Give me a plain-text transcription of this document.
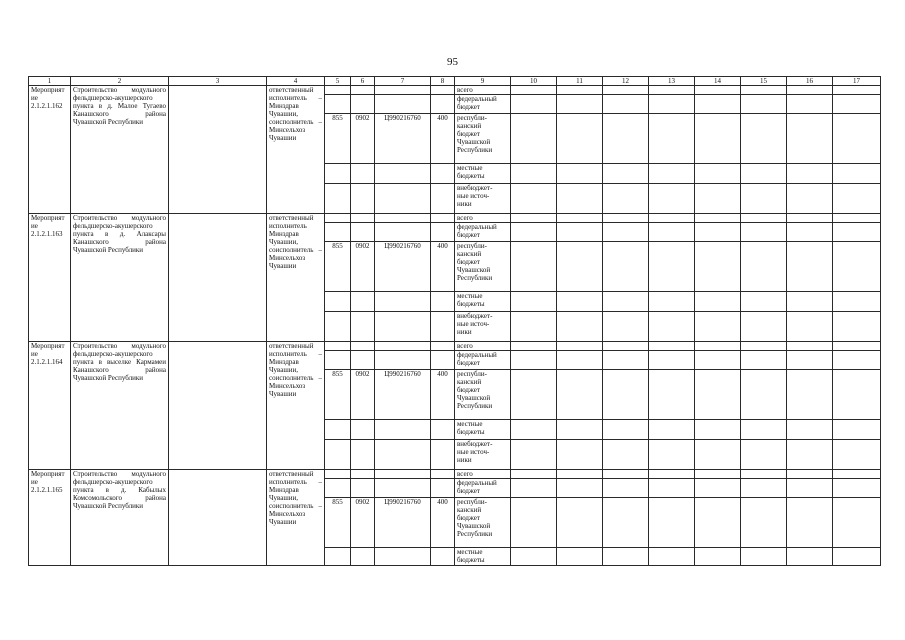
95
1	2	3	4	5	6	7	8	9	10	11	12	13	14	15	16	17
Мероприятие
2.1.2.1.162	Строительство модульного фельдшерско-акушерского пункта в д. Малое Тугаево Канашского района Чувашской Республики		ответственный исполнитель – Минздрав Чувашии, соисполнитель – Минсельхоз Чувашии					всего								
								федеральный
бюджет								
				855	0902	Ц990216760	400	республи-
канский
бюджет
Чувашской
Республики								
								местные
бюджеты								
								внебюджет-
ные источ-
ники								
Мероприятие
2.1.2.1.163	Строительство модульного фельдшерско-акушерского пункта в д. Алаксары Канашского района Чувашской Республики		ответственный исполнитель Минздрав Чувашии, соисполнитель – Минсельхоз Чувашии					всего								
								федеральный
бюджет								
				855	0902	Ц990216760	400	республи-
канский
бюджет
Чувашской
Республики								
								местные
бюджеты								
								внебюджет-
ные источ-
ники								
Мероприятие
2.1.2.1.164	Строительство модульного фельдшерско-акушерского пункта в выселке Кармамеи Канашского района Чувашской Республики		ответственный исполнитель – Минздрав Чувашии, соисполнитель – Минсельхоз Чувашии					всего								
								федеральный
бюджет								
				855	0902	Ц990216760	400	республи-
канский
бюджет
Чувашской
Республики								
								местные
бюджеты								
								внебюджет-
ные источ-
ники								
Мероприятие
2.1.2.1.165	Строительство модульного фельдшерско-акушерского пункта в д. Кабылых Комсомольского района Чувашской Республики		ответственный исполнитель – Минздрав Чувашии, соисполнитель – Минсельхоз Чувашии					всего								
								федеральный
бюджет								
				855	0902	Ц990216760	400	республи-
канский
бюджет
Чувашской
Республики								
								местные
бюджеты								
